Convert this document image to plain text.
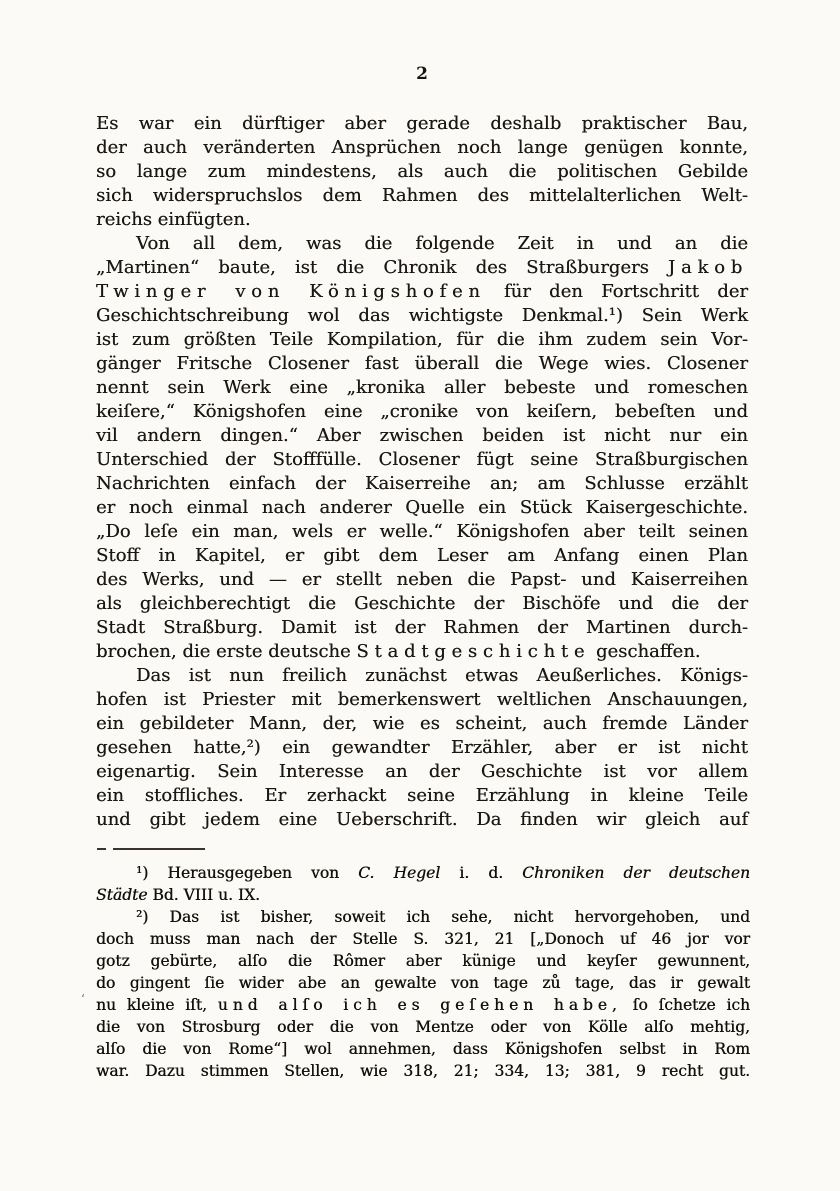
2
Es war ein dürftiger aber gerade deshalb praktischer Bau,
der auch veränderten Ansprüchen noch lange genügen konnte,
so lange zum mindestens, als auch die politischen Gebilde
sich widerspruchslos dem Rahmen des mittelalterlichen Welt-
reichs einfügten.
Von all dem, was die folgende Zeit in und an die
„Martinen“ baute, ist die Chronik des Straßburgers Jakob
Twinger von Königshofen für den Fortschritt der
Geschichtschreibung wol das wichtigste Denkmal.¹) Sein Werk
ist zum größten Teile Kompilation, für die ihm zudem sein Vor-
gänger Fritsche Closener fast überall die Wege wies. Closener
nennt sein Werk eine „kronika aller bebeste und romeschen
keiſere,“ Königshofen eine „cronike von keiſern, bebeſten und
vil andern dingen.“ Aber zwischen beiden ist nicht nur ein
Unterschied der Stofffülle. Closener fügt seine Straßburgischen
Nachrichten einfach der Kaiserreihe an; am Schlusse erzählt
er noch einmal nach anderer Quelle ein Stück Kaisergeschichte.
„Do leſe ein man, wels er welle.“ Königshofen aber teilt seinen
Stoff in Kapitel, er gibt dem Leser am Anfang einen Plan
des Werks, und — er stellt neben die Papst- und Kaiserreihen
als gleichberechtigt die Geschichte der Bischöfe und die der
Stadt Straßburg. Damit ist der Rahmen der Martinen durch-
brochen, die erste deutsche Stadtgeschichte geschaffen.
Das ist nun freilich zunächst etwas Aeußerliches. Königs-
hofen ist Priester mit bemerkenswert weltlichen Anschauungen,
ein gebildeter Mann, der, wie es scheint, auch fremde Länder
gesehen hatte,²) ein gewandter Erzähler, aber er ist nicht
eigenartig. Sein Interesse an der Geschichte ist vor allem
ein stoffliches. Er zerhackt seine Erzählung in kleine Teile
und gibt jedem eine Ueberschrift. Da finden wir gleich auf
¹) Herausgegeben von C. Hegel i. d. Chroniken der deutschen
Städte Bd. VIII u. IX.
²) Das ist bisher, soweit ich sehe, nicht hervorgehoben, und
doch muss man nach der Stelle S. 321, 21 [„Donoch uf 46 jor vor
gotz gebürte, alſo die Rômer aber künige und keyſer gewunnent,
do gingent ſie wider abe an gewalte von tage zů tage, das ir gewalt
nu kleine iſt, und alſo ich es geſehen habe, ſo ſchetze ich
die von Strosburg oder die von Mentze oder von Kölle alſo mehtig,
alſo die von Rome“] wol annehmen, dass Königshofen selbst in Rom
war. Dazu stimmen Stellen, wie 318, 21; 334, 13; 381, 9 recht gut.
‘
